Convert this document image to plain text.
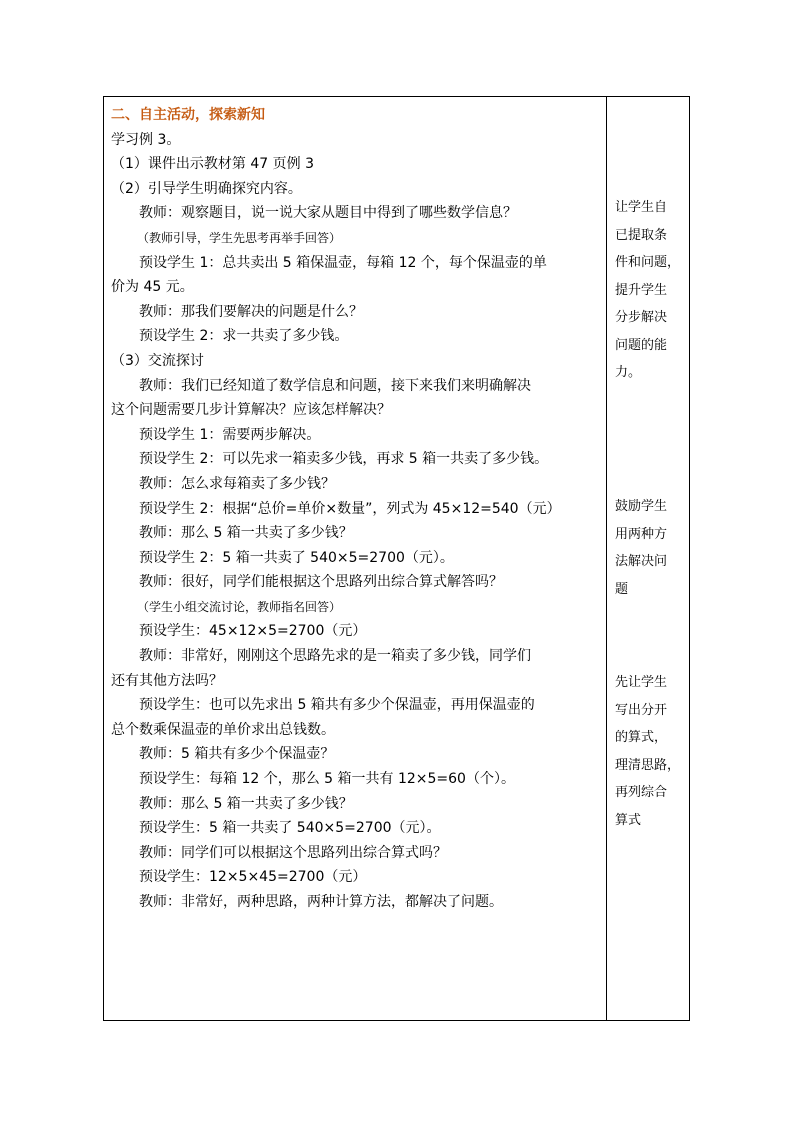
二、自主活动，探索新知
学习例 3。
（1）课件出示教材第 47 页例 3
（2）引导学生明确探究内容。
教师：观察题目，说一说大家从题目中得到了哪些数学信息？
（教师引导，学生先思考再举手回答）
预设学生 1：总共卖出 5 箱保温壶，每箱 12 个，每个保温壶的单
价为 45 元。
教师：那我们要解决的问题是什么？
预设学生 2：求一共卖了多少钱。
（3）交流探讨
教师：我们已经知道了数学信息和问题，接下来我们来明确解决
这个问题需要几步计算解决？应该怎样解决？
预设学生 1：需要两步解决。
预设学生 2：可以先求一箱卖多少钱，再求 5 箱一共卖了多少钱。
教师：怎么求每箱卖了多少钱？
预设学生 2：根据“总价=单价×数量”，列式为 45×12=540（元）
教师：那么 5 箱一共卖了多少钱？
预设学生 2：5 箱一共卖了 540×5=2700（元）。
教师：很好，同学们能根据这个思路列出综合算式解答吗？
（学生小组交流讨论，教师指名回答）
预设学生：45×12×5=2700（元）
教师：非常好，刚刚这个思路先求的是一箱卖了多少钱，同学们
还有其他方法吗？
预设学生：也可以先求出 5 箱共有多少个保温壶，再用保温壶的
总个数乘保温壶的单价求出总钱数。
教师：5 箱共有多少个保温壶？
预设学生：每箱 12 个，那么 5 箱一共有 12×5=60（个）。
教师：那么 5 箱一共卖了多少钱？
预设学生：5 箱一共卖了 540×5=2700（元）。
教师：同学们可以根据这个思路列出综合算式吗？
预设学生：12×5×45=2700（元）
教师：非常好，两种思路，两种计算方法，都解决了问题。
让学生自
已提取条
件和问题，
提升学生
分步解决
问题的能
力。
鼓励学生
用两种方
法解决问
题
先让学生
写出分开
的算式，
理清思路，
再列综合
算式
